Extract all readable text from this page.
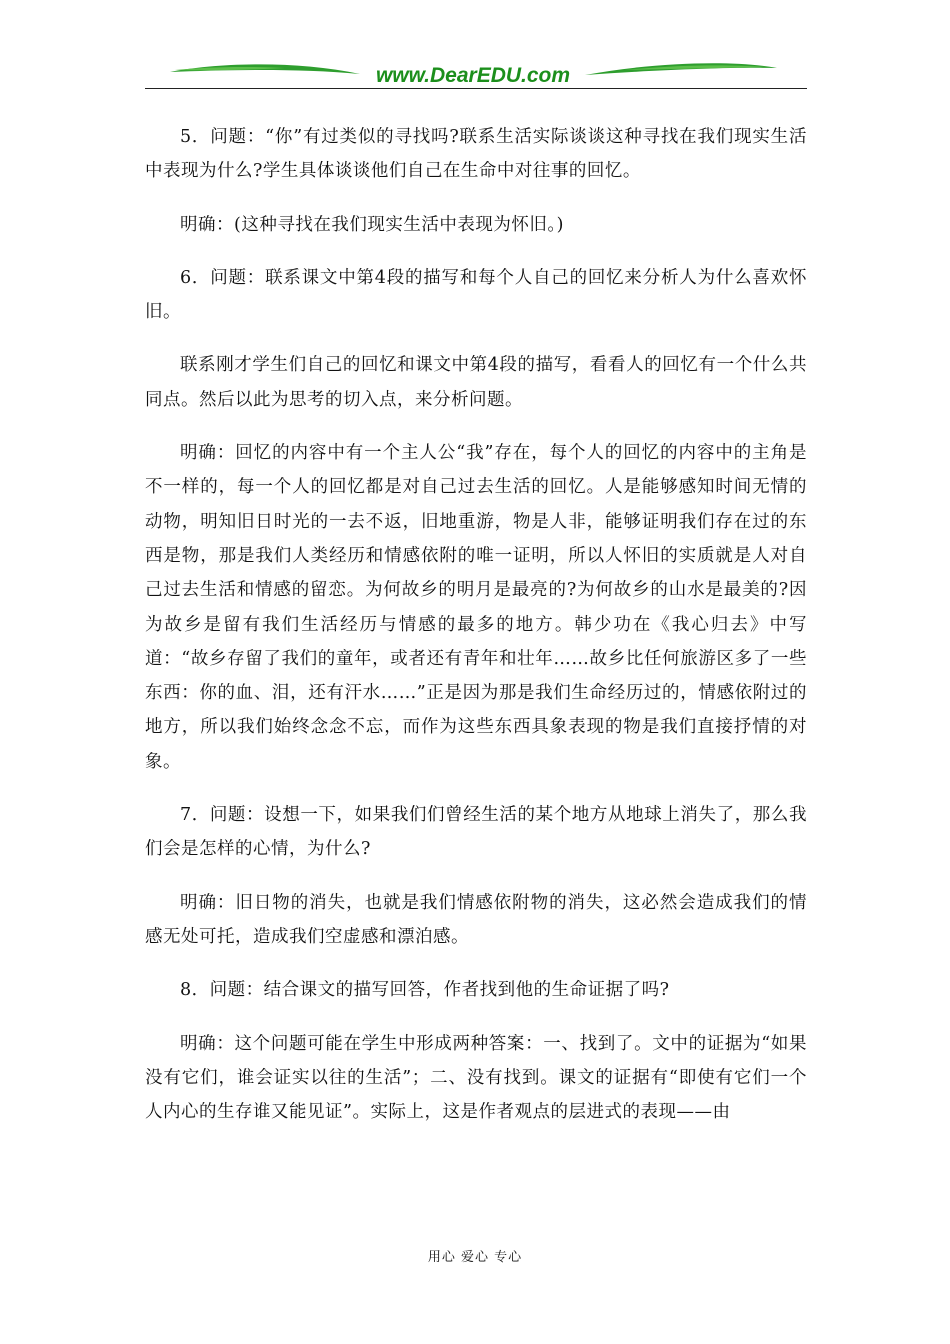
www.DearEDU.com

5．问题：“你”有过类似的寻找吗?联系生活实际谈谈这种寻找在我们现实生活中表现为什么?学生具体谈谈他们自己在生命中对往事的回忆。

明确：(这种寻找在我们现实生活中表现为怀旧。)

6．问题：联系课文中第4段的描写和每个人自己的回忆来分析人为什么喜欢怀旧。

联系刚才学生们自己的回忆和课文中第4段的描写，看看人的回忆有一个什么共同点。然后以此为思考的切入点，来分析问题。

明确：回忆的内容中有一个主人公“我”存在，每个人的回忆的内容中的主角是不一样的，每一个人的回忆都是对自己过去生活的回忆。人是能够感知时间无情的动物，明知旧日时光的一去不返，旧地重游，物是人非，能够证明我们存在过的东西是物，那是我们人类经历和情感依附的唯一证明，所以人怀旧的实质就是人对自己过去生活和情感的留恋。为何故乡的明月是最亮的?为何故乡的山水是最美的?因为故乡是留有我们生活经历与情感的最多的地方。韩少功在《我心归去》中写道：“故乡存留了我们的童年，或者还有青年和壮年……故乡比任何旅游区多了一些东西：你的血、泪，还有汗水……”正是因为那是我们生命经历过的，情感依附过的地方，所以我们始终念念不忘，而作为这些东西具象表现的物是我们直接抒情的对象。

7．问题：设想一下，如果我们们曾经生活的某个地方从地球上消失了，那么我们会是怎样的心情，为什么?

明确：旧日物的消失，也就是我们情感依附物的消失，这必然会造成我们的情感无处可托，造成我们空虚感和漂泊感。

8．问题：结合课文的描写回答，作者找到他的生命证据了吗?

明确：这个问题可能在学生中形成两种答案：一、找到了。文中的证据为“如果没有它们，谁会证实以往的生活”；二、没有找到。课文的证据有“即使有它们一个人内心的生存谁又能见证”。实际上，这是作者观点的层进式的表现——由

用心 爱心 专心
